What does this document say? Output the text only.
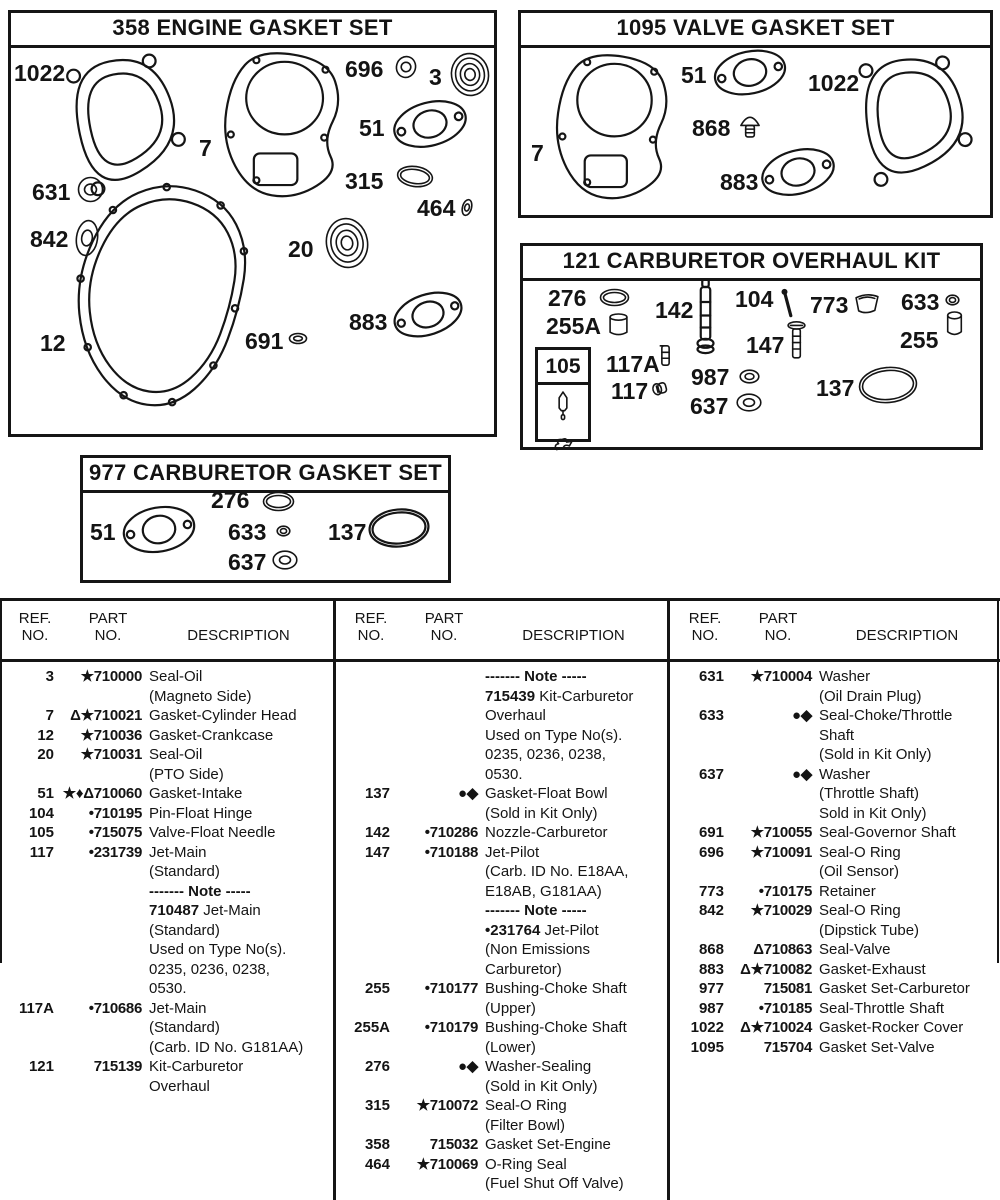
358 ENGINE GASKET SET
1022	696 3
7
51
315
464
631
842	20
12	691
883
1095 VALVE GASKET SET
7
51	1022
868
883
121 CARBURETOR OVERHAUL KIT
276
255A
142 104 773 633
255
147
105	117A
117
987
637
137
977 CARBURETOR GASKET SET
276
51	633	137
637
REF.
NO.
PART
NO.	DESCRIPTION
3	★710000 Seal-Oil
(Magneto Side)
7	Δ★710021 Gasket-Cylinder Head
12	★710036 Gasket-Crankcase
20	★710031 Seal-Oil
(PTO Side)
51 ★♦Δ710060 Gasket-Intake
104	•710195 Pin-Float Hinge
105	•715075 Valve-Float Needle
117	•231739 Jet-Main
(Standard)
------- Note -----
710487 Jet-Main
(Standard)
Used on Type No(s).
0235, 0236, 0238,
0530.
117A	•710686 Jet-Main
(Standard)
(Carb. ID No. G181AA)
121	715139 Kit-Carburetor
Overhaul
REF.
NO.
PART
NO.	DESCRIPTION
------- Note -----
715439 Kit-Carburetor
Overhaul
Used on Type No(s).
0235, 0236, 0238,
0530.
137	●◆ Gasket-Float Bowl
(Sold in Kit Only)
142	•710286 Nozzle-Carburetor
147	•710188 Jet-Pilot
(Carb. ID No. E18AA,
E18AB, G181AA)
------- Note -----
•231764 Jet-Pilot
(Non Emissions
Carburetor)
255	•710177 Bushing-Choke Shaft
(Upper)
255A	•710179 Bushing-Choke Shaft
(Lower)
276	●◆ Washer-Sealing
(Sold in Kit Only)
315	★710072 Seal-O Ring
(Filter Bowl)
358	715032 Gasket Set-Engine
464	★710069 O-Ring Seal
(Fuel Shut Off Valve)
REF.
NO.
PART
NO.	DESCRIPTION
631	★710004 Washer
(Oil Drain Plug)
633	●◆ Seal-Choke/Throttle
Shaft
(Sold in Kit Only)
637	●◆ Washer
(Throttle Shaft)
Sold in Kit Only)
691	★710055 Seal-Governor Shaft
696	★710091 Seal-O Ring
(Oil Sensor)
773	•710175 Retainer
842	★710029 Seal-O Ring
(Dipstick Tube)
868	Δ710863 Seal-Valve
883	Δ★710082 Gasket-Exhaust
977	715081 Gasket Set-Carburetor
987	•710185 Seal-Throttle Shaft
1022	Δ★710024 Gasket-Rocker Cover
1095	715704 Gasket Set-Valve
